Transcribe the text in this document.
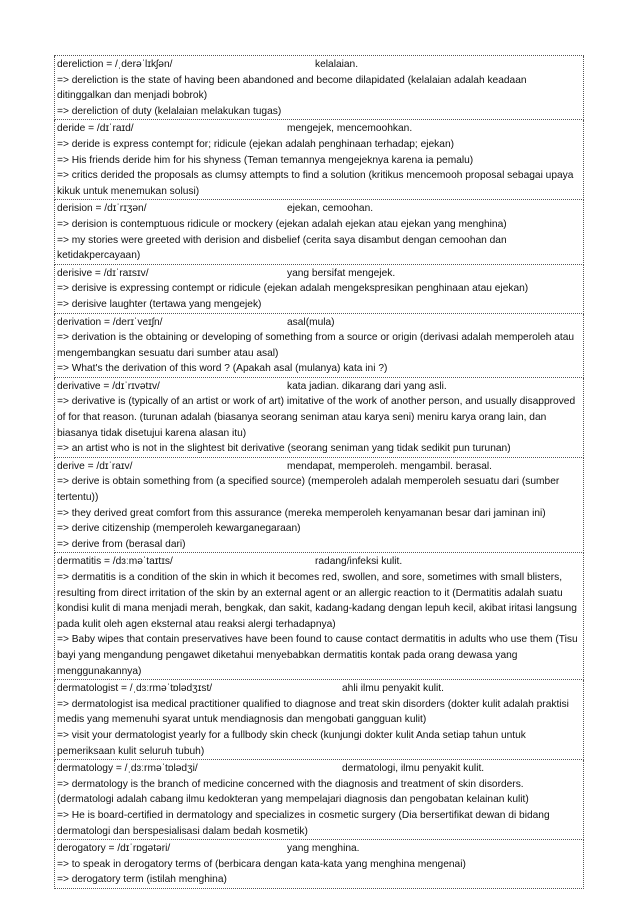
dereliction = /ˌderəˈlɪkʃən/	kelalaian.
=> dereliction is the state of having been abandoned and become dilapidated (kelalaian adalah keadaan ditinggalkan dan menjadi bobrok)
=> dereliction of duty (kelalaian melakukan tugas)
deride = /dɪˈraɪd/	mengejek, mencemoohkan.
=> deride is express contempt for; ridicule (ejekan adalah penghinaan terhadap; ejekan)
=> His friends deride him for his shyness (Teman temannya mengejeknya karena ia pemalu)
=> critics derided the proposals as clumsy attempts to find a solution (kritikus mencemooh proposal sebagai upaya kikuk untuk menemukan solusi)
derision = /dɪˈrɪʒən/	ejekan, cemoohan.
=> derision is contemptuous ridicule or mockery (ejekan adalah ejekan atau ejekan yang menghina)
=> my stories were greeted with derision and disbelief (cerita saya disambut dengan cemoohan dan ketidakpercayaan)
derisive = /dɪˈraɪsɪv/	yang bersifat mengejek.
=> derisive is expressing contempt or ridicule (ejekan adalah mengekspresikan penghinaan atau ejekan)
=> derisive laughter (tertawa yang mengejek)
derivation = /derɪˈveɪʃn/	asal(mula)
=> derivation is the obtaining or developing of something from a source or origin (derivasi adalah memperoleh atau mengembangkan sesuatu dari sumber atau asal)
=> What's the derivation of this word ? (Apakah asal (mulanya) kata ini ?)
derivative = /dɪˈrɪvətɪv/	kata jadian. dikarang dari yang asli.
=> derivative is (typically of an artist or work of art) imitative of the work of another person, and usually disapproved of for that reason. (turunan adalah (biasanya seorang seniman atau karya seni) meniru karya orang lain, dan biasanya tidak disetujui karena alasan itu)
=> an artist who is not in the slightest bit derivative (seorang seniman yang tidak sedikit pun turunan)
derive = /dɪˈraɪv/	mendapat, memperoleh. mengambil. berasal.
=> derive is obtain something from (a specified source) (memperoleh adalah memperoleh sesuatu dari (sumber tertentu))
=> they derived great comfort from this assurance (mereka memperoleh kenyamanan besar dari jaminan ini)
=> derive citizenship (memperoleh kewarganegaraan)
=> derive from (berasal dari)
dermatitis = /dɜːməˈtaɪtɪs/	radang/infeksi kulit.
=> dermatitis is a condition of the skin in which it becomes red, swollen, and sore, sometimes with small blisters, resulting from direct irritation of the skin by an external agent or an allergic reaction to it (Dermatitis adalah suatu kondisi kulit di mana menjadi merah, bengkak, dan sakit, kadang-kadang dengan lepuh kecil, akibat iritasi langsung pada kulit oleh agen eksternal atau reaksi alergi terhadapnya)
=> Baby wipes that contain preservatives have been found to cause contact dermatitis in adults who use them (Tisu bayi yang mengandung pengawet diketahui menyebabkan dermatitis kontak pada orang dewasa yang menggunakannya)
dermatologist = /ˌdɜːrməˈtɒlədʒɪst/	ahli ilmu penyakit kulit.
=> dermatologist isa medical practitioner qualified to diagnose and treat skin disorders (dokter kulit adalah praktisi medis yang memenuhi syarat untuk mendiagnosis dan mengobati gangguan kulit)
=> visit your dermatologist yearly for a fullbody skin check (kunjungi dokter kulit Anda setiap tahun untuk pemeriksaan kulit seluruh tubuh)
dermatology = /ˌdɜːrməˈtɒlədʒi/	dermatologi, ilmu penyakit kulit.
=> dermatology is the branch of medicine concerned with the diagnosis and treatment of skin disorders. (dermatologi adalah cabang ilmu kedokteran yang mempelajari diagnosis dan pengobatan kelainan kulit)
=> He is board-certified in dermatology and specializes in cosmetic surgery (Dia bersertifikat dewan di bidang dermatologi dan berspesialisasi dalam bedah kosmetik)
derogatory = /dɪˈrɒɡətəri/	yang menghina.
=> to speak in derogatory terms of (berbicara dengan kata-kata yang menghina mengenai)
=> derogatory term (istilah menghina)
